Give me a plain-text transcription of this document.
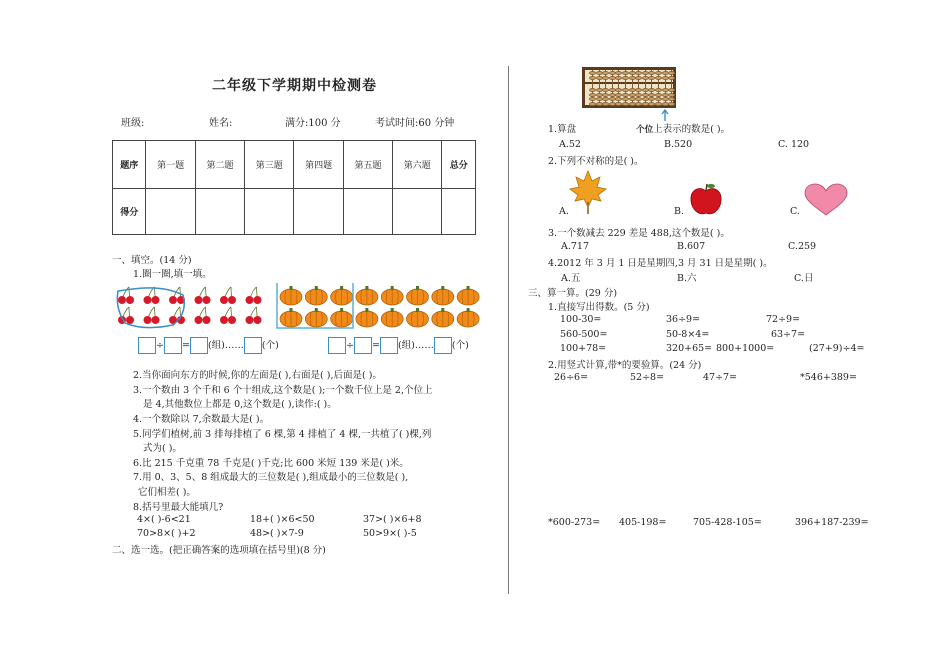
二年级下学期期中检测卷
班级:	姓名:	满分:100 分	考试时间:60 分钟
题序	第一题	第二题	第三题	第四题	第五题	第六题	总分
得分							
一、填空。(14 分)
1.圈一圈,填一填。
÷ = (组)…… (个)	÷ = (组)…… (个)
2.当你面向东方的时候,你的左面是( ),右面是( ),后面是( )。
3.一个数由 3 个千和 6 个十组成,这个数是( );一个数千位上是 2,个位上
是 4,其他数位上都是 0,这个数是( ),读作:( )。
4.一个数除以 7,余数最大是( )。
5.同学们植树,前 3 排每排植了 6 棵,第 4 排植了 4 棵,一共植了( )棵,列
式为( )。
6.比 215 千克重 78 千克是( )千克;比 600 米短 139 米是( )米。
7.用 0、3、5、8 组成最大的三位数是( ),组成最小的三位数是( ),
它们相差( )。
8.括号里最大能填几?
4×( )-6<21	18+( )×6<50	37>( )×6+8
70>8×( )+2	48>( )×7-9	50>9×( )-5
二、选一选。(把正确答案的选项填在括号里)(8 分)
1.算盘	个位上表示的数是( )。
A.52	B.520	C. 120
2.下列不对称的是( )。
A.	B.	C.
3.一个数减去 229 差是 488,这个数是( )。
A.717	B.607	C.259
4.2012 年 3 月 1 日是星期四,3 月 31 日是星期( )。
A.五	B.六	C.日
三、算一算。(29 分)
1.直接写出得数。(5 分)
100-30=	36÷9=	72÷9=
560-500=	50-8×4=	63÷7=
100+78=	320+65= 800+1000=	(27+9)÷4=
2.用竖式计算,带*的要验算。(24 分)
26÷6=	52÷8=	47÷7=	*546+389=
*600-273= 405-198=	705-428-105=	396+187-239=
